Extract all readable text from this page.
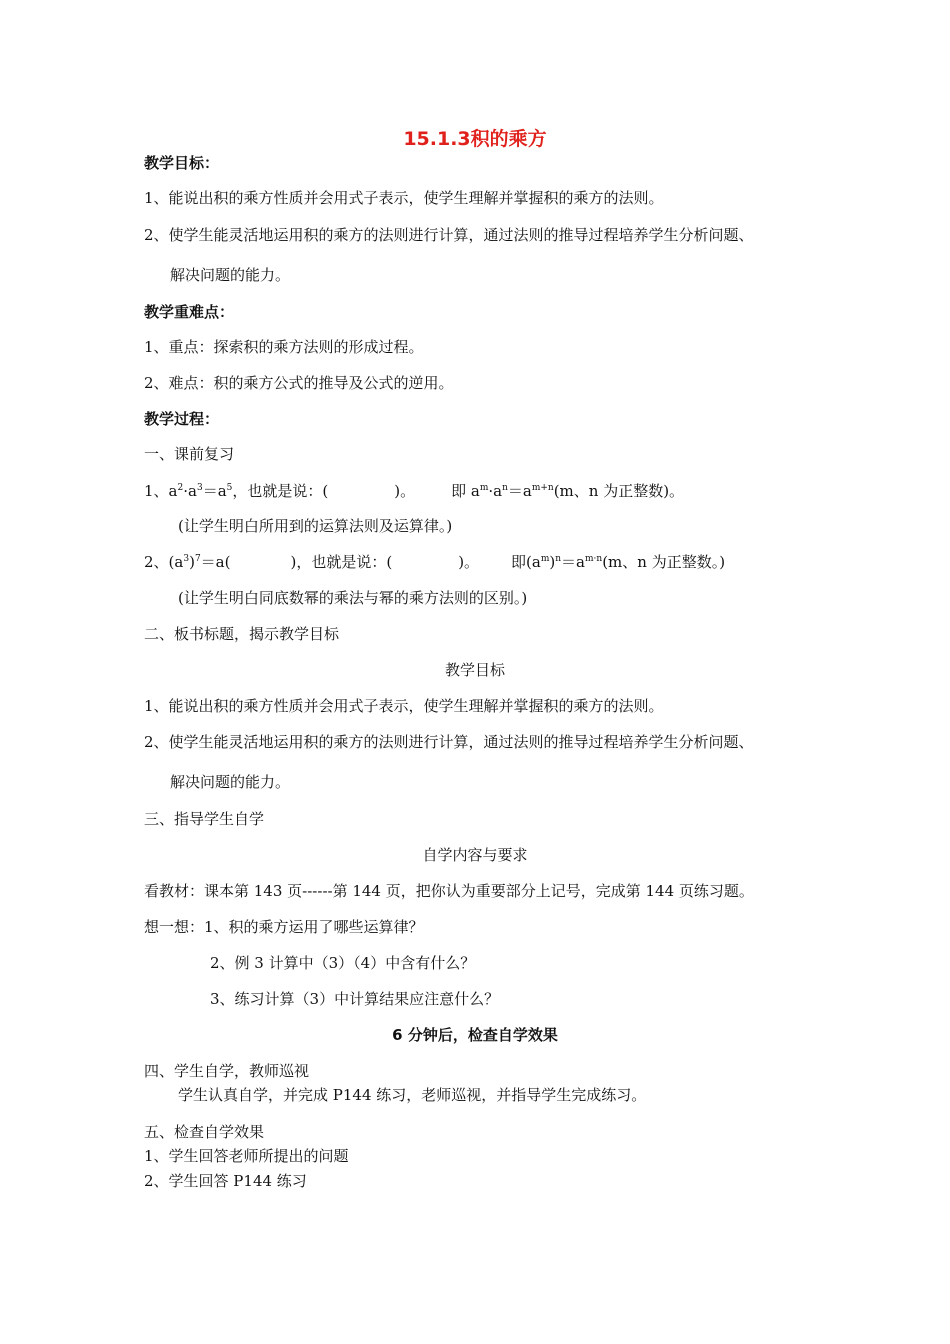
15.1.3积的乘方
教学目标：
1、能说出积的乘方性质并会用式子表示，使学生理解并掌握积的乘方的法则。
2、使学生能灵活地运用积的乘方的法则进行计算，通过法则的推导过程培养学生分析问题、
解决问题的能力。
教学重难点：
1、重点：探索积的乘方法则的形成过程。
2、难点：积的乘方公式的推导及公式的逆用。
教学过程：
一、课前复习
1、$a^2\cdot a^3=a^5$，也就是说：(	)。 即 $a^m\cdot a^n=a^{m+n}(m$、n 为正整数)。
(让学生明白所用到的运算法则及运算律。)
2、$(a^3)^7=a$(	)，也就是说：(	)。 即$(a^m)^n=a^{m\cdot n}(m$、n 为正整数。)
(让学生明白同底数幂的乘法与幂的乘方法则的区别。)
二、板书标题，揭示教学目标
教学目标
1、能说出积的乘方性质并会用式子表示，使学生理解并掌握积的乘方的法则。
2、使学生能灵活地运用积的乘方的法则进行计算，通过法则的推导过程培养学生分析问题、
解决问题的能力。
三、指导学生自学
自学内容与要求
看教材：课本第 143 页------第 144 页，把你认为重要部分上记号，完成第 144 页练习题。
想一想：1、积的乘方运用了哪些运算律？
2、例 3 计算中（3）（4）中含有什么？
3、练习计算（3）中计算结果应注意什么？
6 分钟后，检查自学效果
四、学生自学，教师巡视
学生认真自学，并完成 P144 练习，老师巡视，并指导学生完成练习。
五、检查自学效果
1、学生回答老师所提出的问题
2、学生回答 P144 练习
